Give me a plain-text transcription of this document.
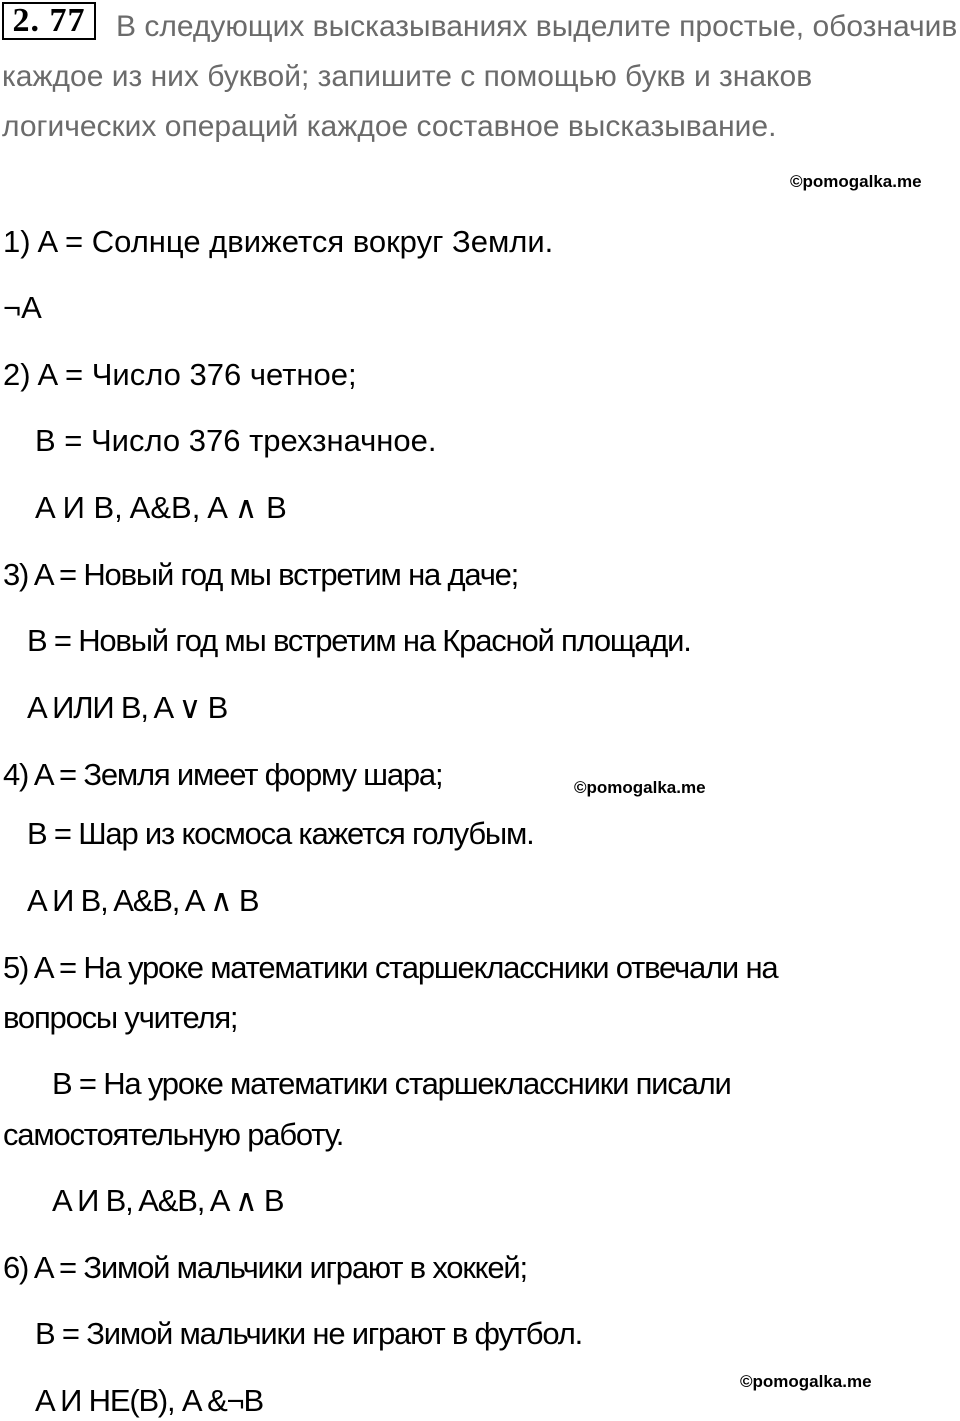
В следующих высказываниях выделите простые, обозначив каждое из них буквой; запишите с помощью букв и знаков логических операций каждое составное высказывание.

2. 77
©pomogalka.me
1) A = Солнце движется вокруг Земли.
¬A
2) A = Число 376 четное;
B = Число 376 трехзначное.
A И B, A&B, A ∧ B
3) A = Новый год мы встретим на даче;
B = Новый год мы встретим на Красной площади.
A ИЛИ B, A ∨ B
4) A = Земля имеет форму шара;	©pomogalka.me
B = Шар из космоса кажется голубым.
A И B, A&B, A ∧ B
5) A = На уроке математики старшеклассники отвечали на
вопросы учителя;
B = На уроке математики старшеклассники писали
самостоятельную работу.
A И B, A&B, A ∧ B
6) A = Зимой мальчики играют в хоккей;
B = Зимой мальчики не играют в футбол.
©pomogalka.me
A И НЕ(B), A &¬B
